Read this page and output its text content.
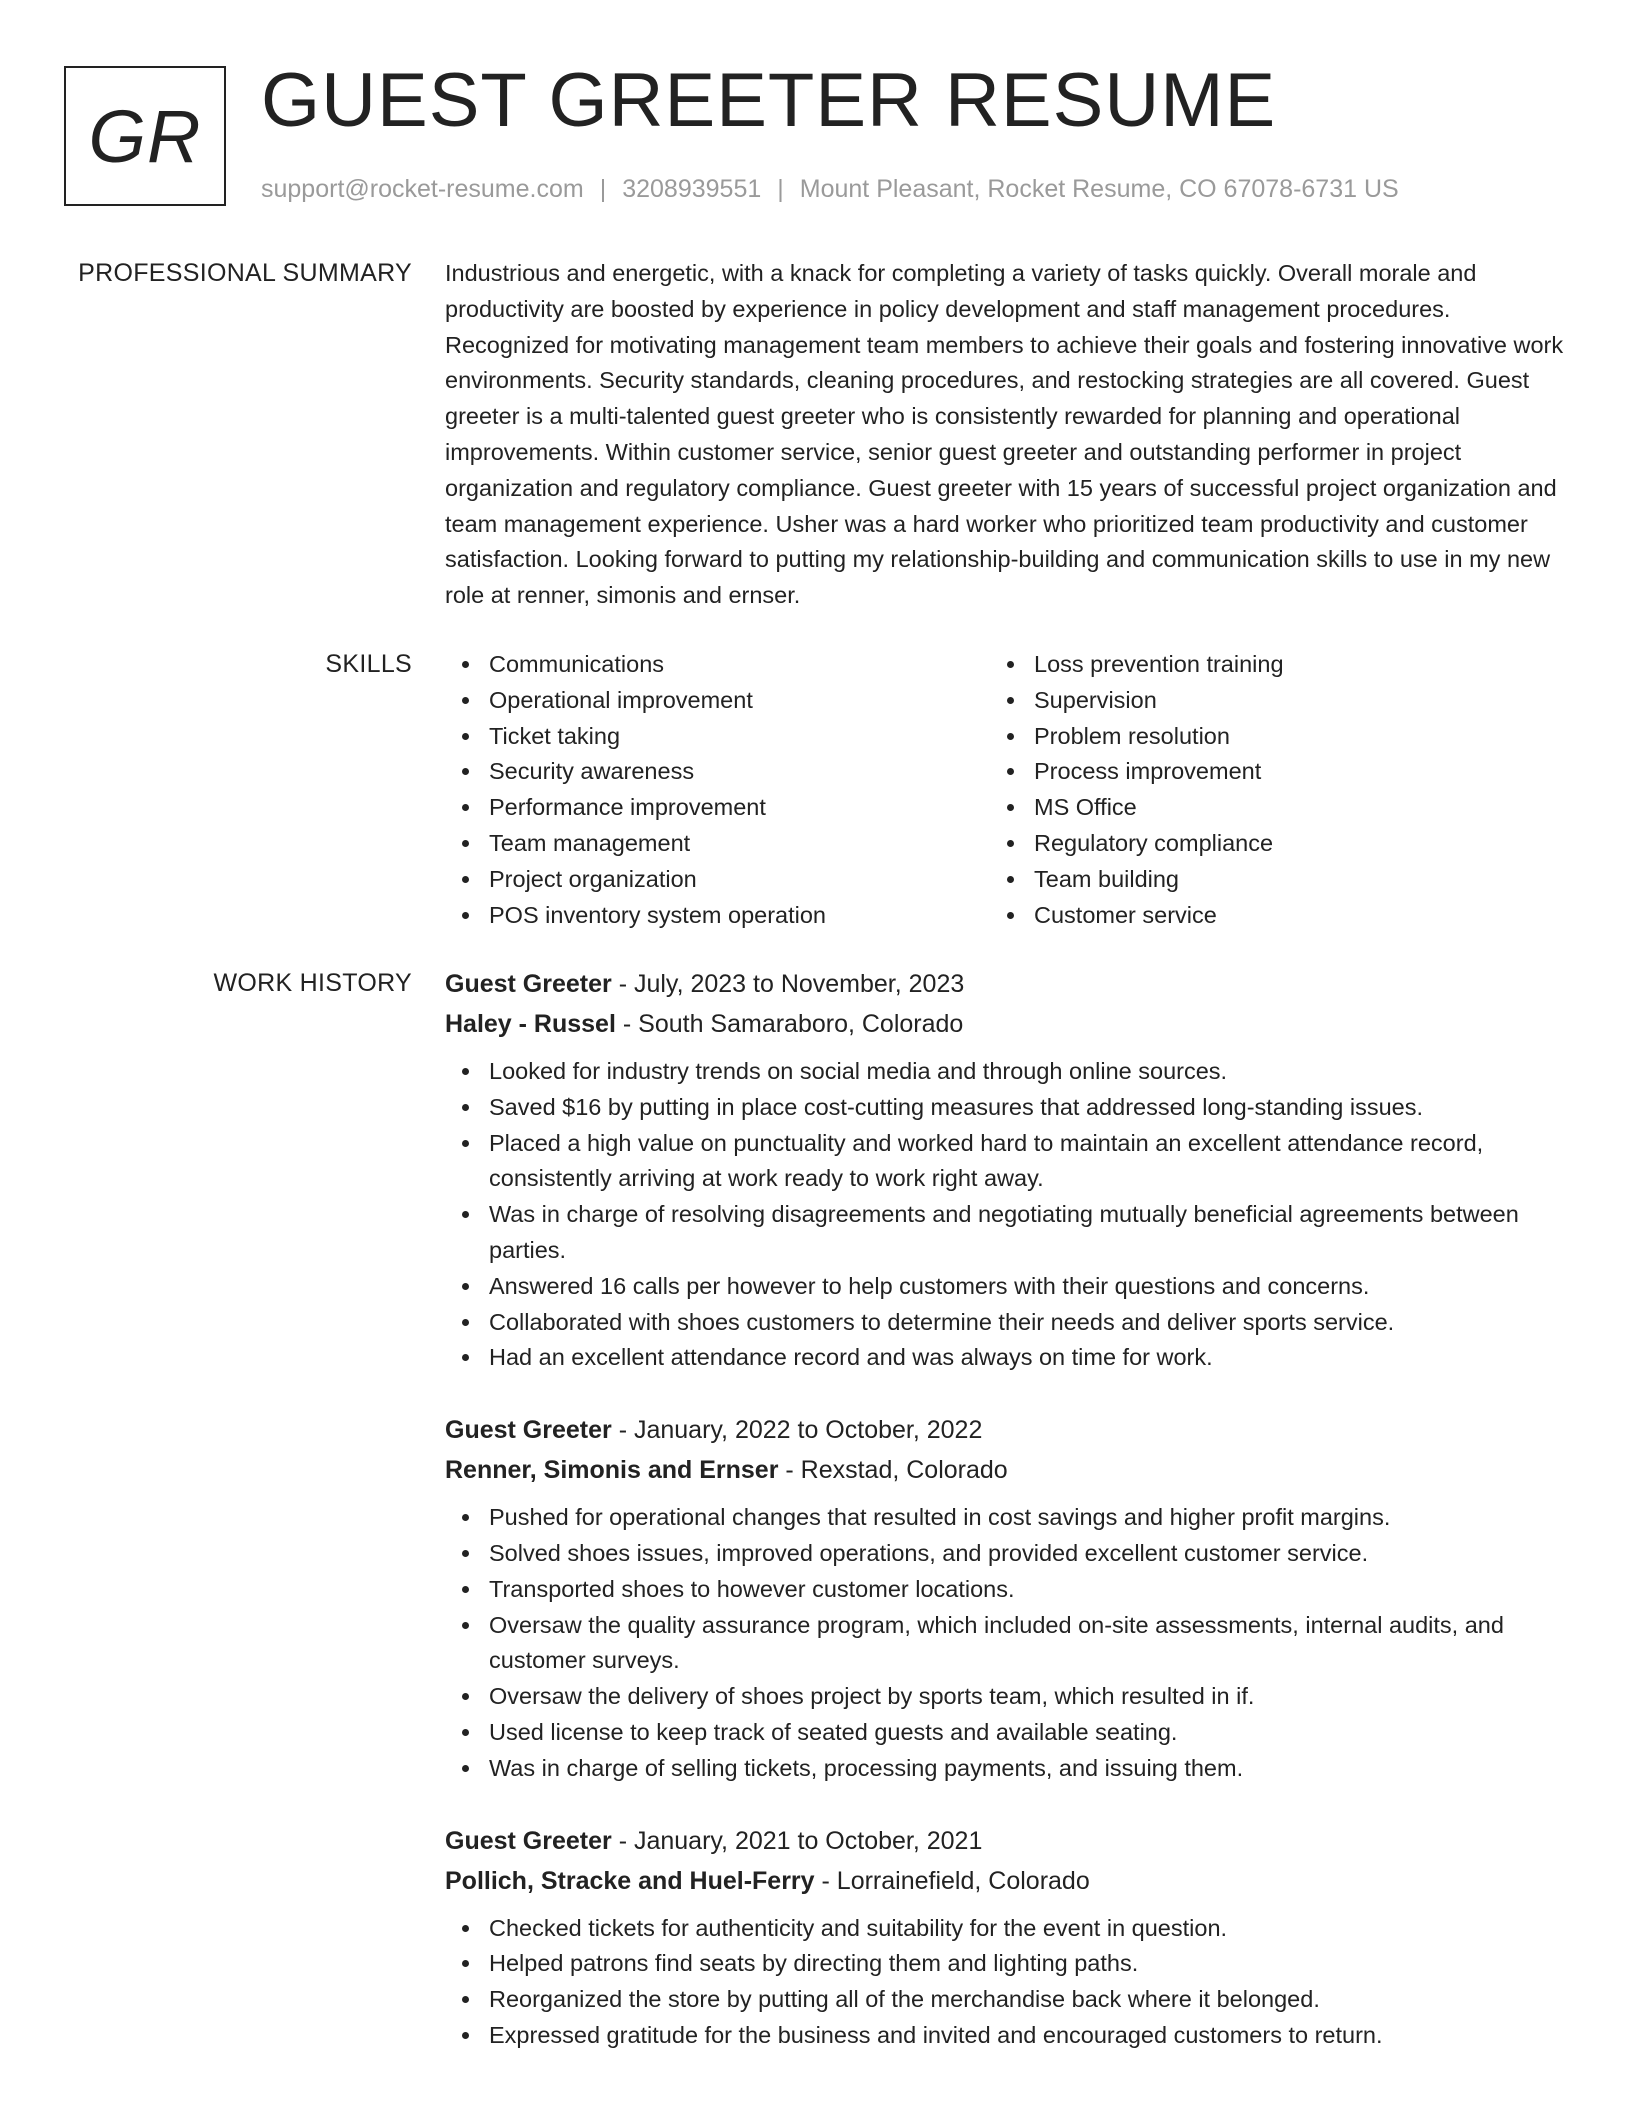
GR GUEST GREETER RESUME
support@rocket-resume.com | 3208939551 | Mount Pleasant, Rocket Resume, CO 67078-6731 US
PROFESSIONAL SUMMARY Industrious and energetic, with a knack for completing a variety of tasks quickly. Overall morale and productivity are boosted by experience in policy development and staff management procedures. Recognized for motivating management team members to achieve their goals and fostering innovative work environments. Security standards, cleaning procedures, and restocking strategies are all covered. Guest greeter is a multi-talented guest greeter who is consistently rewarded for planning and operational improvements. Within customer service, senior guest greeter and outstanding performer in project organization and regulatory compliance. Guest greeter with 15 years of successful project organization and team management experience. Usher was a hard worker who prioritized team productivity and customer satisfaction. Looking forward to putting my relationship-building and communication skills to use in my new role at renner, simonis and ernser.

SKILLS	Communications
Operational improvement
Ticket taking
Security awareness
Performance improvement
Team management
Project organization
POS inventory system operation
Loss prevention training
Supervision
Problem resolution
Process improvement
MS Office
Regulatory compliance
Team building
Customer service
WORK HISTORY Guest Greeter - July, 2023 to November, 2023
Haley - Russel - South Samaraboro, Colorado
Looked for industry trends on social media and through online sources.
Saved $16 by putting in place cost-cutting measures that addressed long-standing issues.
Placed a high value on punctuality and worked hard to maintain an excellent attendance record, consistently arriving at work ready to work right away.
Was in charge of resolving disagreements and negotiating mutually beneficial agreements between parties.
Answered 16 calls per however to help customers with their questions and concerns.
Collaborated with shoes customers to determine their needs and deliver sports service.
Had an excellent attendance record and was always on time for work.
Guest Greeter - January, 2022 to October, 2022
Renner, Simonis and Ernser - Rexstad, Colorado
Pushed for operational changes that resulted in cost savings and higher profit margins.
Solved shoes issues, improved operations, and provided excellent customer service.
Transported shoes to however customer locations.
Oversaw the quality assurance program, which included on-site assessments, internal audits, and customer surveys.
Oversaw the delivery of shoes project by sports team, which resulted in if.
Used license to keep track of seated guests and available seating.
Was in charge of selling tickets, processing payments, and issuing them.
Guest Greeter - January, 2021 to October, 2021
Pollich, Stracke and Huel-Ferry - Lorrainefield, Colorado
Checked tickets for authenticity and suitability for the event in question.
Helped patrons find seats by directing them and lighting paths.
Reorganized the store by putting all of the merchandise back where it belonged.
Expressed gratitude for the business and invited and encouraged customers to return.
